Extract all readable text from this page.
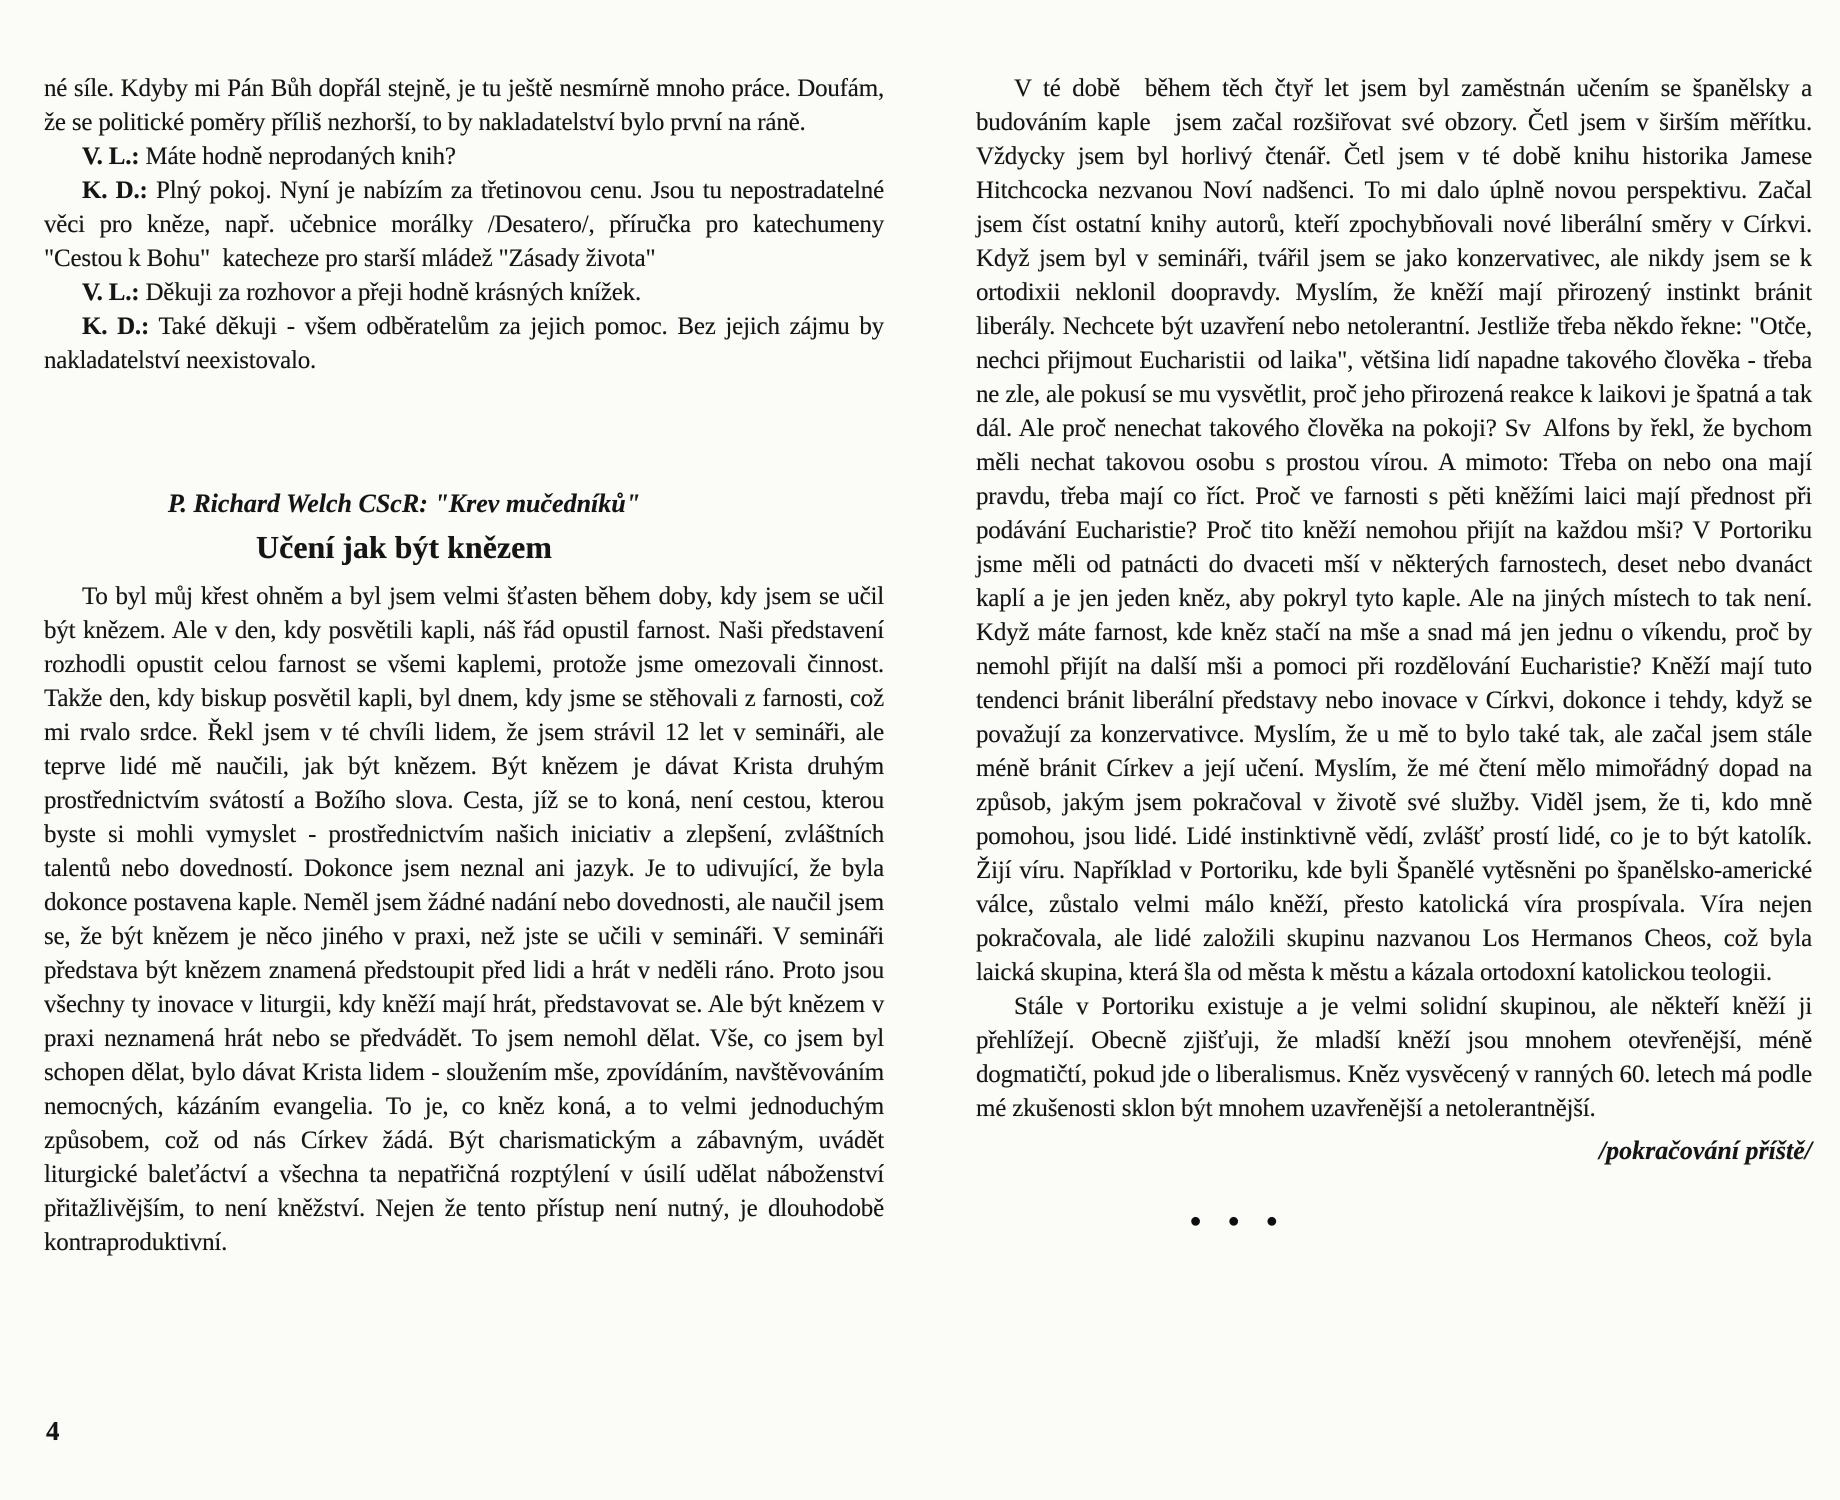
né síle. Kdyby mi Pán Bůh dopřál stejně, je tu ještě nesmírně mnoho práce. Doufám, že se politické poměry příliš nezhorší, to by nakladatelství bylo první na ráně.

V. L.: Máte hodně neprodaných knih?

K. D.: Plný pokoj. Nyní je nabízím za třetinovou cenu. Jsou tu nepostradatelné věci pro kněze, např. učebnice morálky /Desatero/, příručka pro katechumeny "Cestou k Bohu" katecheze pro starší mládež "Zásady života"

V. L.: Děkuji za rozhovor a přeji hodně krásných knížek.

K. D.: Také děkuji - všem odběratelům za jejich pomoc. Bez jejich zájmu by nakladatelství neexistovalo.

P. Richard Welch CScR: "Krev mučedníků"
Učení jak být knězem

To byl můj křest ohněm a byl jsem velmi šťasten během doby, kdy jsem se učil být knězem. Ale v den, kdy posvětili kapli, náš řád opustil farnost. Naši představení rozhodli opustit celou farnost se všemi kaplemi, protože jsme omezovali činnost. Takže den, kdy biskup posvětil kapli, byl dnem, kdy jsme se stěhovali z farnosti, což mi rvalo srdce. Řekl jsem v té chvíli lidem, že jsem strávil 12 let v semináři, ale teprve lidé mě naučili, jak být knězem. Být knězem je dávat Krista druhým prostřednictvím svátostí a Božího slova. Cesta, jíž se to koná, není cestou, kterou byste si mohli vymyslet - prostřednictvím našich iniciativ a zlepšení, zvláštních talentů nebo dovedností. Dokonce jsem neznal ani jazyk. Je to udivující, že byla dokonce postavena kaple. Neměl jsem žádné nadání nebo dovednosti, ale naučil jsem se, že být knězem je něco jiného v praxi, než jste se učili v semináři. V semináři představa být knězem znamená předstoupit před lidi a hrát v neděli ráno. Proto jsou všechny ty inovace v liturgii, kdy kněží mají hrát, představovat se. Ale být knězem v praxi neznamená hrát nebo se předvádět. To jsem nemohl dělat. Vše, co jsem byl schopen dělat, bylo dávat Krista lidem - sloužením mše, zpovídáním, navštěvováním nemocných, kázáním evangelia. To je, co kněz koná, a to velmi jednoduchým způsobem, což od nás Církev žádá. Být charismatickým a zábavným, uvádět liturgické baleťáctví a všechna ta nepatřičná rozptýlení v úsilí udělat náboženství přitažlivějším, to není kněžství. Nejen že tento přístup není nutný, je dlouhodobě kontraproduktivní.

V té době během těch čtyř let jsem byl zaměstnán učením se španělsky a budováním kaple jsem začal rozšiřovat své obzory. Četl jsem v širším měřítku. Vždycky jsem byl horlivý čtenář. Četl jsem v té době knihu historika Jamese Hitchcocka nezvanou Noví nadšenci. To mi dalo úplně novou perspektivu. Začal jsem číst ostatní knihy autorů, kteří zpochybňovali nové liberální směry v Církvi. Když jsem byl v semináři, tvářil jsem se jako konzervativec, ale nikdy jsem se k ortodixii neklonil doopravdy. Myslím, že kněží mají přirozený instinkt bránit liberály. Nechcete být uzavření nebo netolerantní. Jestliže třeba někdo řekne: "Otče, nechci přijmout Eucharistii od laika", většina lidí napadne takového člověka - třeba ne zle, ale pokusí se mu vysvětlit, proč jeho přirozená reakce k laikovi je špatná a tak dál. Ale proč nenechat takového člověka na pokoji? Sv Alfons by řekl, že bychom měli nechat takovou osobu s prostou vírou. A mimoto: Třeba on nebo ona mají pravdu, třeba mají co říct. Proč ve farnosti s pěti kněžími laici mají přednost při podávání Eucharistie? Proč tito kněží nemohou přijít na každou mši? V Portoriku jsme měli od patnácti do dvaceti mší v některých farnostech, deset nebo dvanáct kaplí a je jen jeden kněz, aby pokryl tyto kaple. Ale na jiných místech to tak není. Když máte farnost, kde kněz stačí na mše a snad má jen jednu o víkendu, proč by nemohl přijít na další mši a pomoci při rozdělování Eucharistie? Kněží mají tuto tendenci bránit liberální představy nebo inovace v Církvi, dokonce i tehdy, když se považují za konzervativce. Myslím, že u mě to bylo také tak, ale začal jsem stále méně bránit Církev a její učení. Myslím, že mé čtení mělo mimořádný dopad na způsob, jakým jsem pokračoval v životě své služby. Viděl jsem, že ti, kdo mně pomohou, jsou lidé. Lidé instinktivně vědí, zvlášť prostí lidé, co je to být katolík. Žijí víru. Například v Portoriku, kde byli Španělé vytěsněni po španělsko-americké válce, zůstalo velmi málo kněží, přesto katolická víra prospívala. Víra nejen pokračovala, ale lidé založili skupinu nazvanou Los Hermanos Cheos, což byla laická skupina, která šla od města k městu a kázala ortodoxní katolickou teologii.

Stále v Portoriku existuje a je velmi solidní skupinou, ale někteří kněží ji přehlížejí. Obecně zjišťuji, že mladší kněží jsou mnohem otevřenější, méně dogmatičtí, pokud jde o liberalismus. Kněz vysvěcený v ranných 60. letech má podle mé zkušenosti sklon být mnohem uzavřenější a netolerantnější.

/pokračování příště/
● ● ●
4
